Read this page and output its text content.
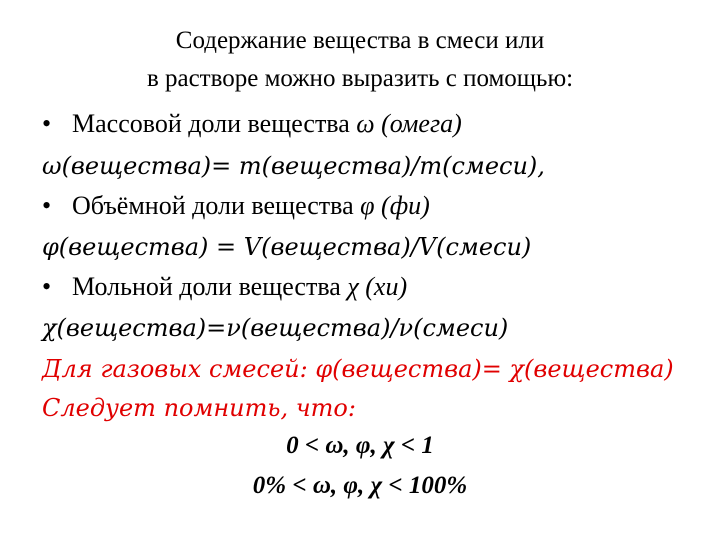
Содержание вещества в смеси или
в растворе можно выразить с помощью:
• Массовой доли вещества ω (омега)
ω(вещества)= m(вещества)/m(смеси),
• Объёмной доли вещества φ (фи)
φ(вещества) = V(вещества)/V(смеси)
• Мольной доли вещества χ (хи)
χ(вещества)=ν(вещества)/ν(смеси)
Для газовых смесей: φ(вещества)= χ(вещества)
Следует помнить, что:
0 < ω, φ, χ < 1
0% < ω, φ, χ < 100%
